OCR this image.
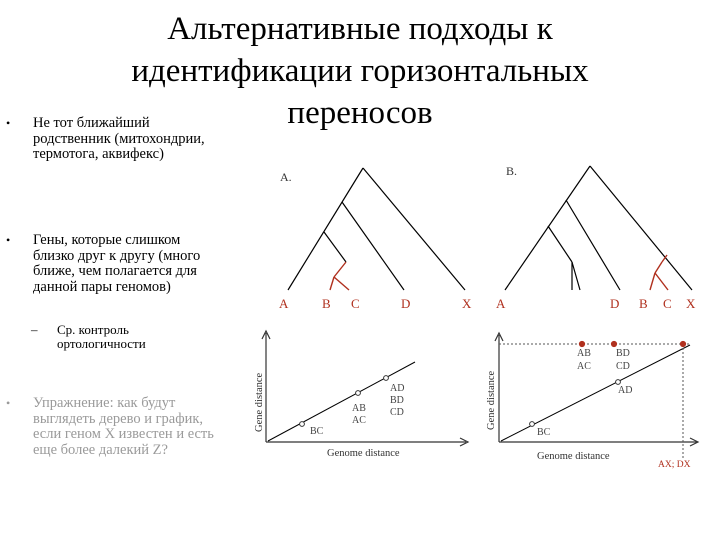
Альтернативные подходы к идентификации горизонтальных переносов
• Не тот ближайший родственник (митохондрии, термотога, аквифекс)
• Гены, которые слишком близко друг к другу (много ближе, чем полагается для данной пары геномов)
– Ср. контроль ортологичности
• Упражнение: как будут выглядеть дерево и график, если геном X известен и есть еще более далекий Z?
A.
A	B C	D	X
B.
A	D B C X
BC
AB
AC
AD
BD
CD
Genome distance
Gene distance
BC
AB
AC
BD
CD
AD
AX; DX
Genome distance
Gene distance
